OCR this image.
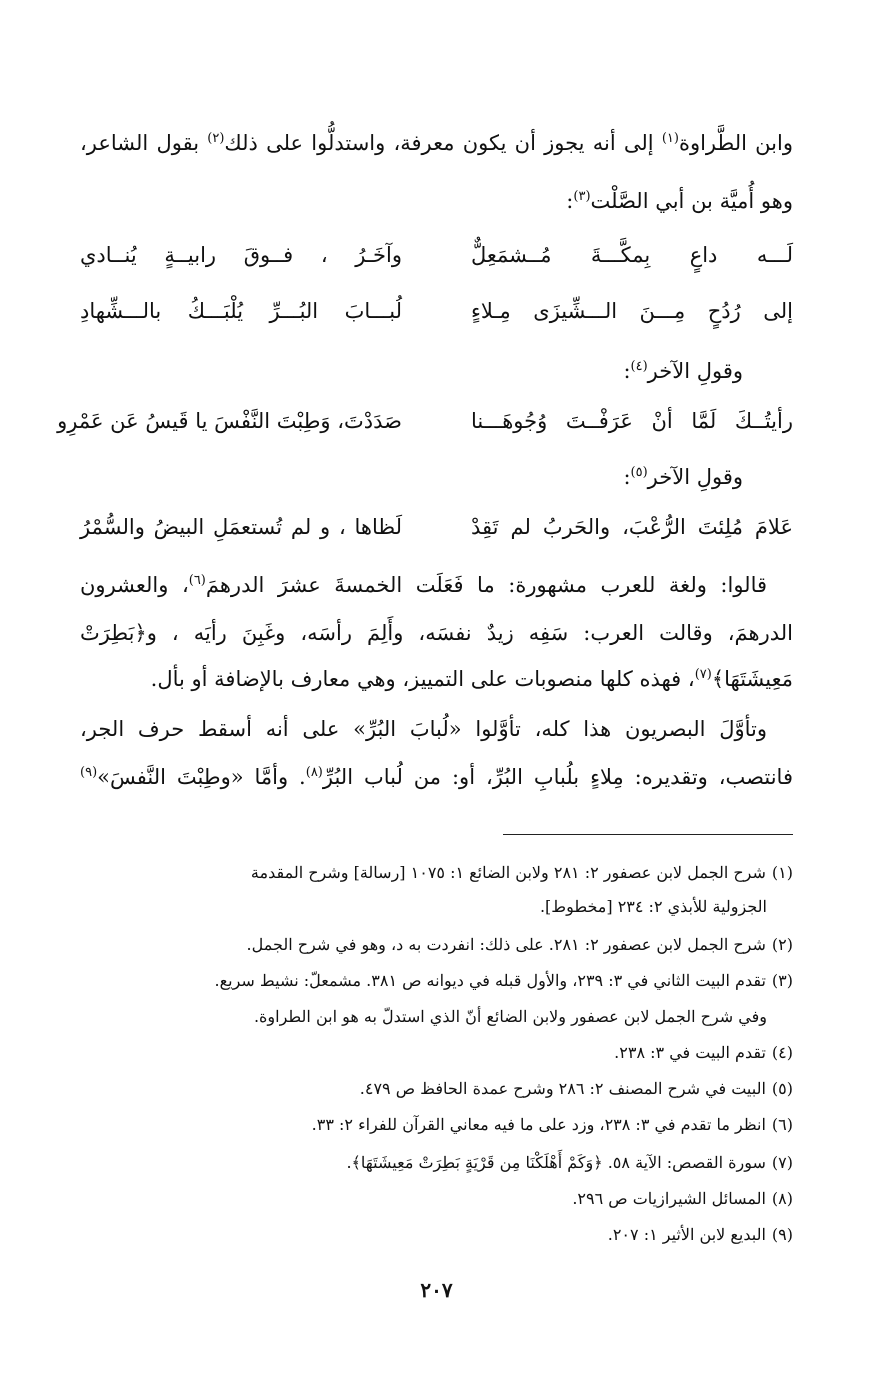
وابن الطَّراوة$^{(١)}$ إلى أنه يجوز أن يكون معرفة، واستدلُّوا على ذلك$^{(٢)}$ بقول الشاعر،
وهو أُميَّة بن أبي الصَّلْت$^{(٣)}$:
لَـــه داعٍ بِمكَّـــةَ مُــشمَعِلٌّ
وآخَـرُ ، فــوقَ رابيــةٍ يُنــادي
إلى رُدُحٍ مِـــنَ الـــشِّيزَى مِـلاءٍ
لُبـــابَ البُـــرِّ يُلْبَـــكُ بالـــشِّهادِ
وقولِ الآخر$^{(٤)}$:
رأيتُــكَ لَمَّا أنْ عَرَفْــتَ وُجُوهَـــنا
صَدَدْتَ، وَطِبْتَ النَّفْسَ يا قَيسُ عَن عَمْرِو
وقولِ الآخر$^{(٥)}$:
عَلامَ مُلِئتَ الرُّعْبَ، والحَربُ لم تَقِدْ
لَظاها ، و لم تُستعمَلِ البيضُ والسُّمْرُ
قالوا: ولغة للعرب مشهورة: ما فَعَلَت الخمسةَ عشرَ الدرهمَ$^{(٦)}$، والعشرون
الدرهمَ، وقالت العرب: سَفِه زيدٌ نفسَه، وأَلِمَ رأسَه، وغَبِنَ رأيَه ، و﴿بَطِرَتْ
مَعِيشَتَهَا﴾$^{(٧)}$، فهذه كلها منصوبات على التمييز، وهي معارف بالإضافة أو بأل.
وتأوَّلَ البصريون هذا كله، تأوَّلوا «لُبابَ البُرِّ» على أنه أسقط حرف الجر،
فانتصب، وتقديره: مِلاءٍ بلُبابِ البُرِّ، أو: من لُباب البُرِّ$^{(٨)}$. وأمَّا «وطِبْتَ النَّفسَ»$^{(٩)}$
(١)شرح الجمل لابن عصفور ٢: ٢٨١ ولابن الضائع ١: ١٠٧٥ [رسالة] وشرح المقدمة
الجزولية للأبذي ٢: ٢٣٤ [مخطوط].
(٢)شرح الجمل لابن عصفور ٢: ٢٨١. على ذلك: انفردت به د، وهو في شرح الجمل.
(٣)تقدم البيت الثاني في ٣: ٢٣٩، والأول قبله في ديوانه ص ٣٨١. مشمعلّ: نشيط سريع.
وفي شرح الجمل لابن عصفور ولابن الضائع أنّ الذي استدلّ به هو ابن الطراوة.
(٤)تقدم البيت في ٣: ٢٣٨.
(٥)البيت في شرح المصنف ٢: ٢٨٦ وشرح عمدة الحافظ ص ٤٧٩.
(٦)انظر ما تقدم في ٣: ٢٣٨، وزد على ما فيه معاني القرآن للفراء ٢: ٣٣.
(٧)سورة القصص: الآية ٥٨. ﴿وَكَمْ أَهْلَكْنَا مِن قَرْيَةٍ بَطِرَتْ مَعِيشَتَهَا﴾.
(٨)المسائل الشيرازيات ص ٢٩٦.
(٩)البديع لابن الأثير ١: ٢٠٧.
٢٠٧
